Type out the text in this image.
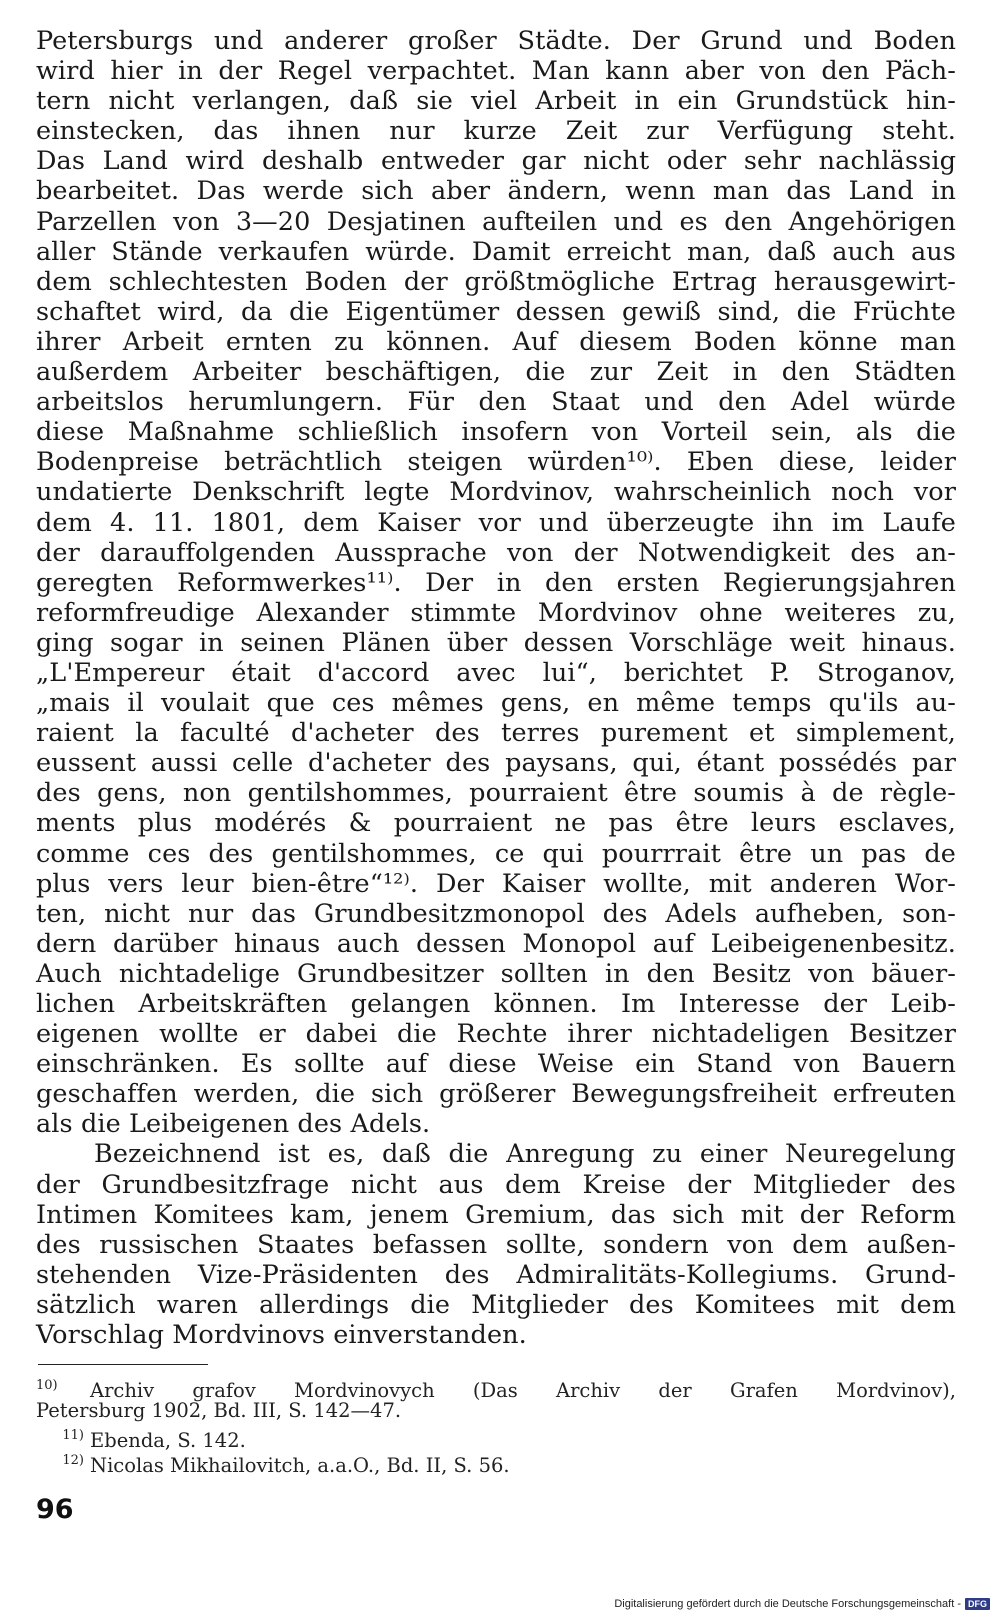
Petersburgs und anderer großer Städte. Der Grund und Boden
wird hier in der Regel verpachtet. Man kann aber von den Päch-
tern nicht verlangen, daß sie viel Arbeit in ein Grundstück hin-
einstecken, das ihnen nur kurze Zeit zur Verfügung steht.
Das Land wird deshalb entweder gar nicht oder sehr nachlässig
bearbeitet. Das werde sich aber ändern, wenn man das Land in
Parzellen von 3—20 Desjatinen aufteilen und es den Angehörigen
aller Stände verkaufen würde. Damit erreicht man, daß auch aus
dem schlechtesten Boden der größtmögliche Ertrag herausgewirt-
schaftet wird, da die Eigentümer dessen gewiß sind, die Früchte
ihrer Arbeit ernten zu können. Auf diesem Boden könne man
außerdem Arbeiter beschäftigen, die zur Zeit in den Städten
arbeitslos herumlungern. Für den Staat und den Adel würde
diese Maßnahme schließlich insofern von Vorteil sein, als die
Bodenpreise beträchtlich steigen würden¹⁰⁾. Eben diese, leider
undatierte Denkschrift legte Mordvinov, wahrscheinlich noch vor
dem 4. 11. 1801, dem Kaiser vor und überzeugte ihn im Laufe
der darauffolgenden Aussprache von der Notwendigkeit des an-
geregten Reformwerkes¹¹⁾. Der in den ersten Regierungsjahren
reformfreudige Alexander stimmte Mordvinov ohne weiteres zu,
ging sogar in seinen Plänen über dessen Vorschläge weit hinaus.
„L'Empereur était d'accord avec lui“, berichtet P. Stroganov,
„mais il voulait que ces mêmes gens, en même temps qu'ils au-
raient la faculté d'acheter des terres purement et simplement,
eussent aussi celle d'acheter des paysans, qui, étant possédés par
des gens, non gentilshommes, pourraient être soumis à de règle-
ments plus modérés & pourraient ne pas être leurs esclaves,
comme ces des gentilshommes, ce qui pourrrait être un pas de
plus vers leur bien-être“¹²⁾. Der Kaiser wollte, mit anderen Wor-
ten, nicht nur das Grundbesitzmonopol des Adels aufheben, son-
dern darüber hinaus auch dessen Monopol auf Leibeigenenbesitz.
Auch nichtadelige Grundbesitzer sollten in den Besitz von bäuer-
lichen Arbeitskräften gelangen können. Im Interesse der Leib-
eigenen wollte er dabei die Rechte ihrer nichtadeligen Besitzer
einschränken. Es sollte auf diese Weise ein Stand von Bauern
geschaffen werden, die sich größerer Bewegungsfreiheit erfreuten
als die Leibeigenen des Adels.
Bezeichnend ist es, daß die Anregung zu einer Neuregelung
der Grundbesitzfrage nicht aus dem Kreise der Mitglieder des
Intimen Komitees kam, jenem Gremium, das sich mit der Reform
des russischen Staates befassen sollte, sondern von dem außen-
stehenden Vize-Präsidenten des Admiralitäts-Kollegiums. Grund-
sätzlich waren allerdings die Mitglieder des Komitees mit dem
Vorschlag Mordvinovs einverstanden.
10) Archiv grafov Mordvinovych (Das Archiv der Grafen Mordvinov),
Petersburg 1902, Bd. III, S. 142—47.
11) Ebenda, S. 142.
12) Nicolas Mikhailovitch, a.a.O., Bd. II, S. 56.
96
Digitalisierung gefördert durch die Deutsche Forschungsgemeinschaft - DFG
